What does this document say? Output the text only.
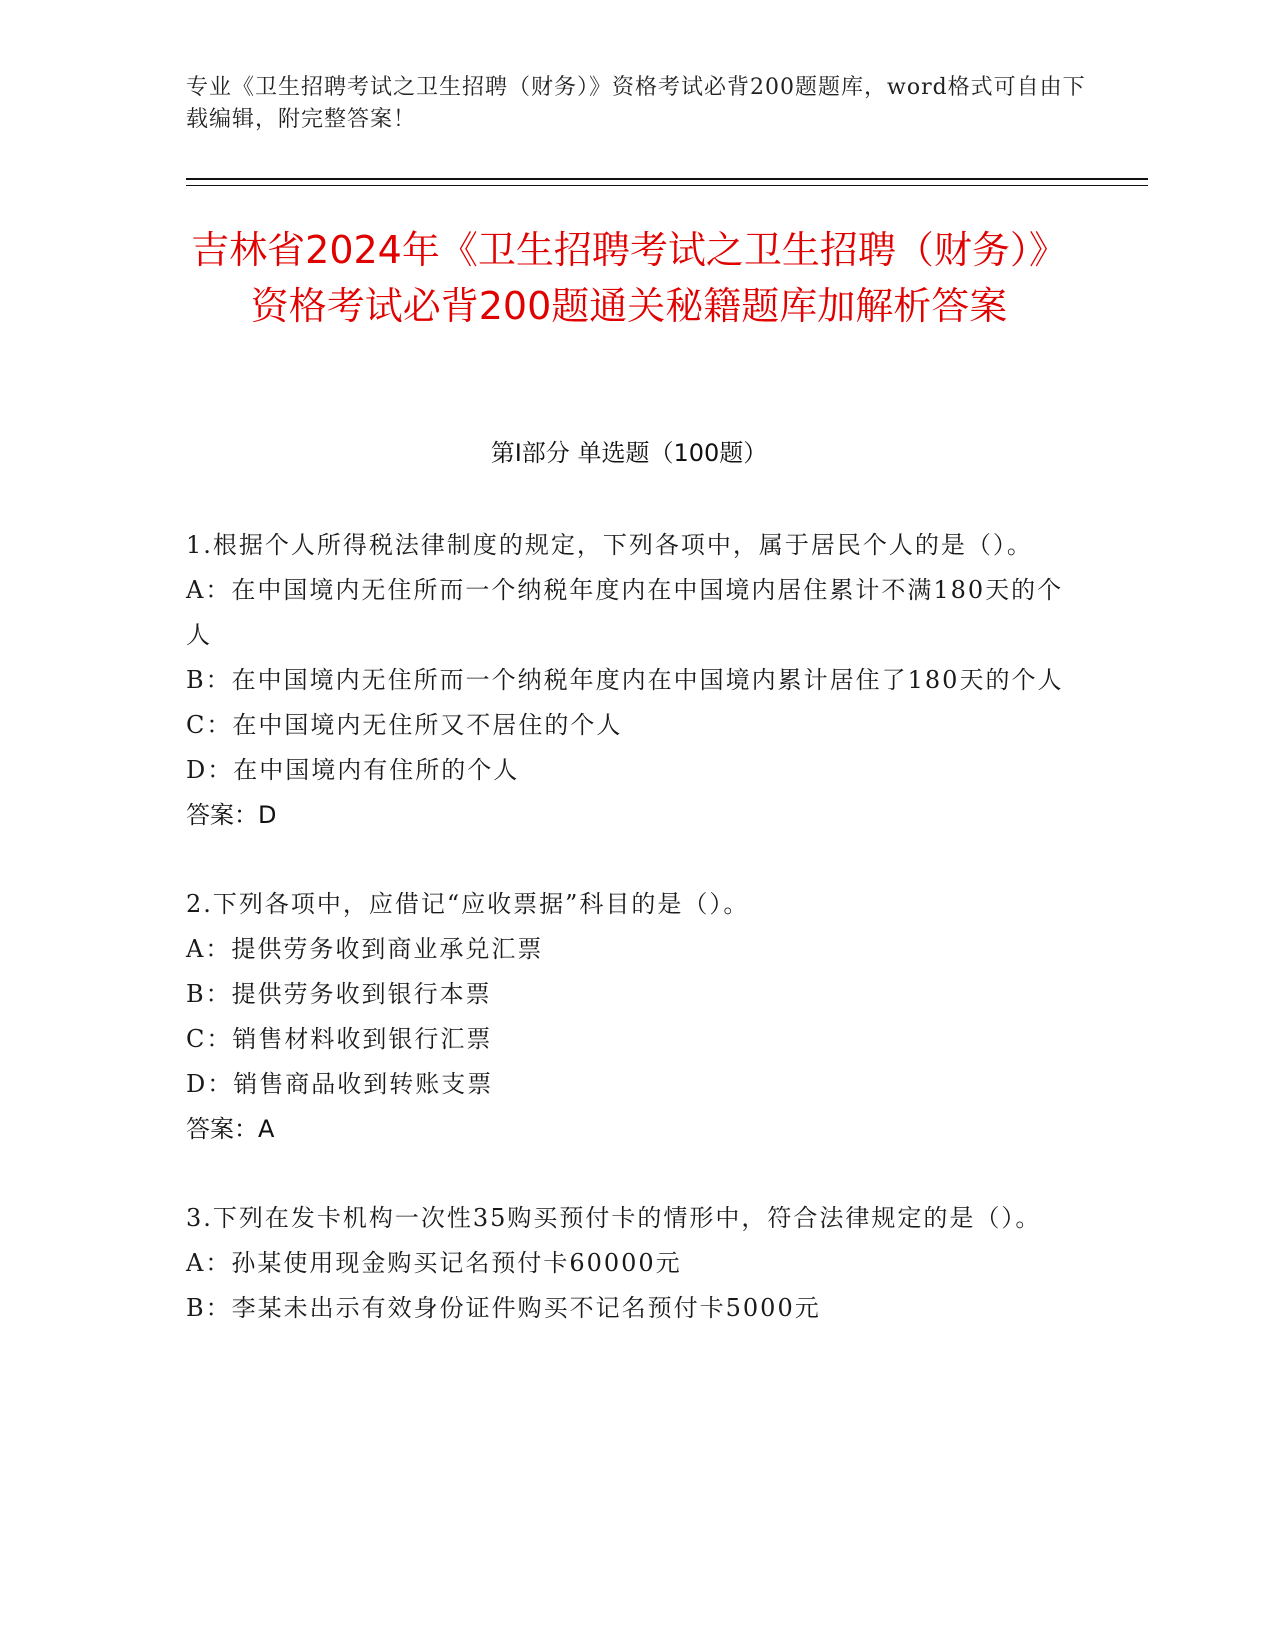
专业《卫生招聘考试之卫生招聘（财务）》资格考试必背200题题库，word格式可自由下载编辑，附完整答案！
吉林省2024年《卫生招聘考试之卫生招聘（财务）》资格考试必背200题通关秘籍题库加解析答案
第I部分 单选题（100题）

1.根据个人所得税法律制度的规定，下列各项中，属于居民个人的是（）。

A：在中国境内无住所而一个纳税年度内在中国境内居住累计不满180天的个人

B：在中国境内无住所而一个纳税年度内在中国境内累计居住了180天的个人

C：在中国境内无住所又不居住的个人

D：在中国境内有住所的个人

答案：D

2.下列各项中，应借记“应收票据”科目的是（）。

A：提供劳务收到商业承兑汇票

B：提供劳务收到银行本票

C：销售材料收到银行汇票

D：销售商品收到转账支票

答案：A

3.下列在发卡机构一次性35购买预付卡的情形中，符合法律规定的是（）。

A：孙某使用现金购买记名预付卡60000元

B：李某未出示有效身份证件购买不记名预付卡5000元
